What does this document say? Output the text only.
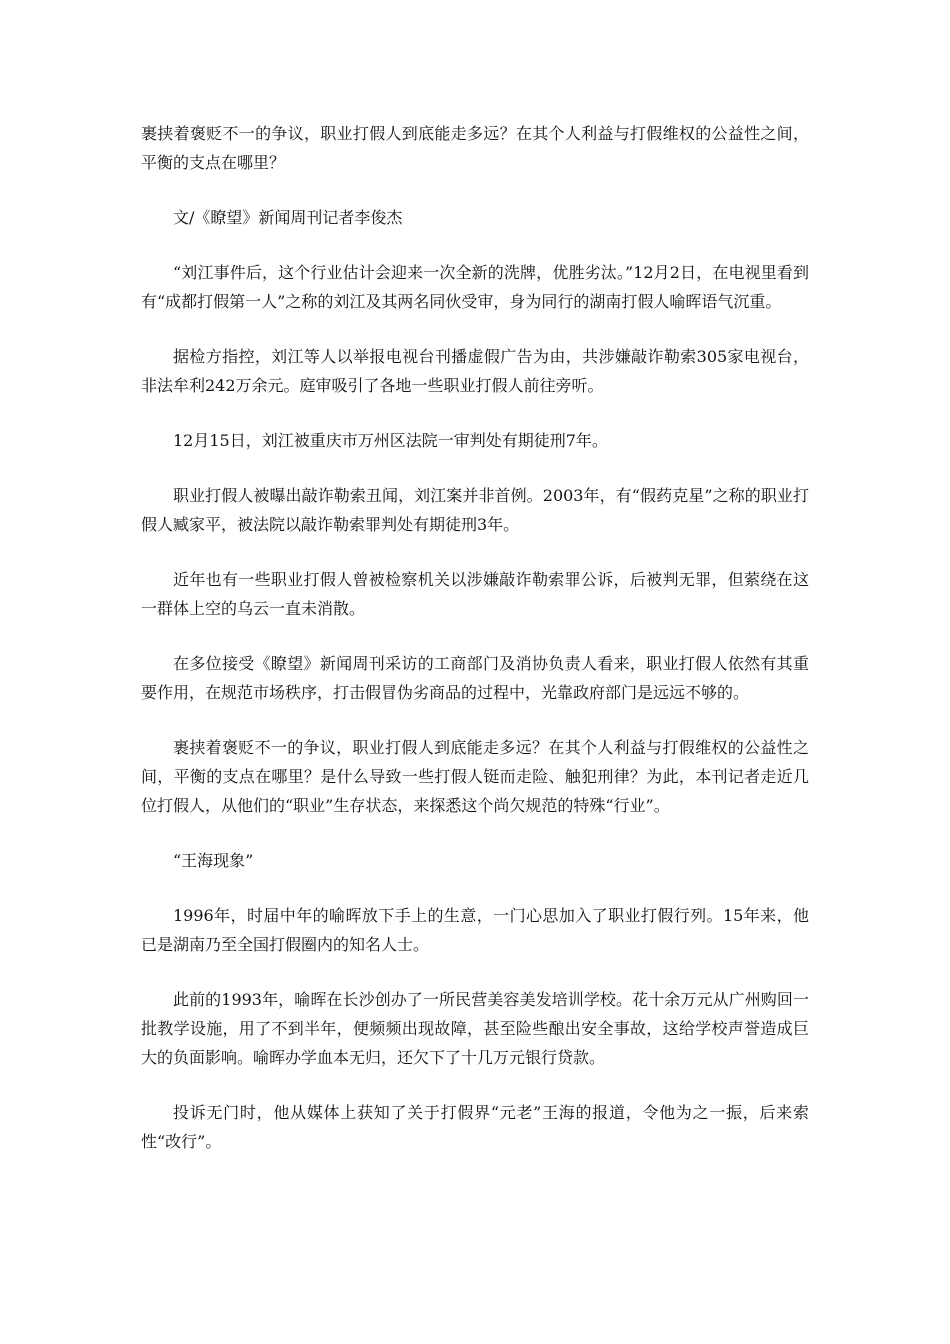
裹挟着褒贬不一的争议，职业打假人到底能走多远？在其个人利益与打假维权的公益性之间，平衡的支点在哪里？

文/《瞭望》新闻周刊记者李俊杰

“刘江事件后，这个行业估计会迎来一次全新的洗牌，优胜劣汰。”12月2日，在电视里看到有“成都打假第一人”之称的刘江及其两名同伙受审，身为同行的湖南打假人喻晖语气沉重。

据检方指控，刘江等人以举报电视台刊播虚假广告为由，共涉嫌敲诈勒索305家电视台，非法牟利242万余元。庭审吸引了各地一些职业打假人前往旁听。

12月15日，刘江被重庆市万州区法院一审判处有期徒刑7年。

职业打假人被曝出敲诈勒索丑闻，刘江案并非首例。2003年，有“假药克星”之称的职业打假人臧家平，被法院以敲诈勒索罪判处有期徒刑3年。

近年也有一些职业打假人曾被检察机关以涉嫌敲诈勒索罪公诉，后被判无罪，但萦绕在这一群体上空的乌云一直未消散。

在多位接受《瞭望》新闻周刊采访的工商部门及消协负责人看来，职业打假人依然有其重要作用，在规范市场秩序，打击假冒伪劣商品的过程中，光靠政府部门是远远不够的。

裹挟着褒贬不一的争议，职业打假人到底能走多远？在其个人利益与打假维权的公益性之间，平衡的支点在哪里？是什么导致一些打假人铤而走险、触犯刑律？为此，本刊记者走近几位打假人，从他们的“职业”生存状态，来探悉这个尚欠规范的特殊“行业”。

“王海现象”

1996年，时届中年的喻晖放下手上的生意，一门心思加入了职业打假行列。15年来，他已是湖南乃至全国打假圈内的知名人士。

此前的1993年，喻晖在长沙创办了一所民营美容美发培训学校。花十余万元从广州购回一批教学设施，用了不到半年，便频频出现故障，甚至险些酿出安全事故，这给学校声誉造成巨大的负面影响。喻晖办学血本无归，还欠下了十几万元银行贷款。

投诉无门时，他从媒体上获知了关于打假界“元老”王海的报道，令他为之一振，后来索性“改行”。
